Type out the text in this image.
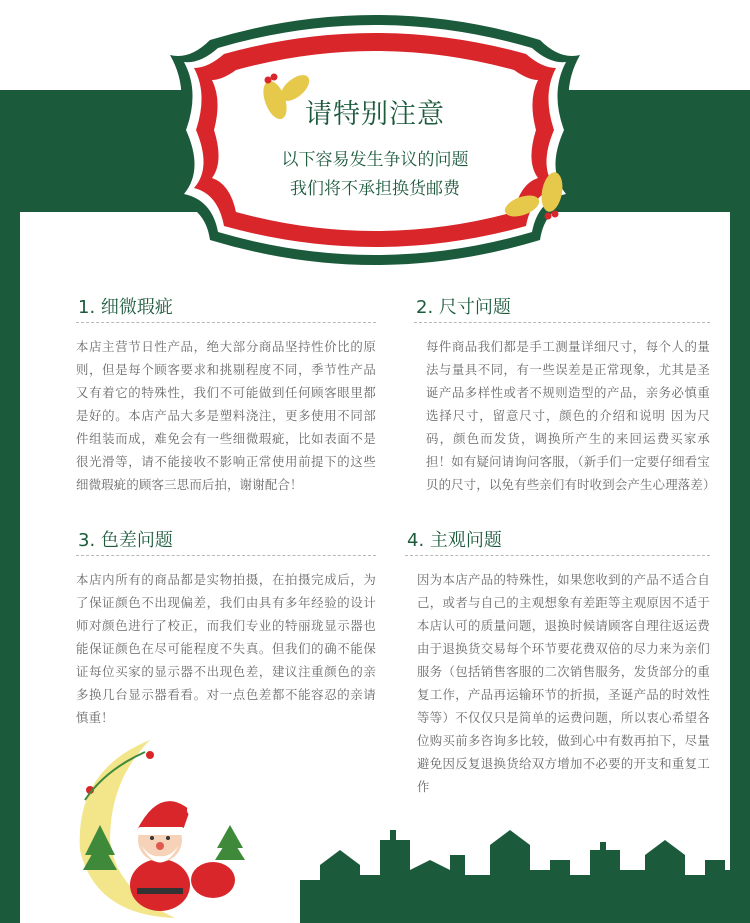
请特别注意
以下容易发生争议的问题
我们将不承担换货邮费
1. 细微瑕疵
本店主营节日性产品，绝大部分商品坚持性价比的原则，但是每个顾客要求和挑剔程度不同，季节性产品又有着它的特殊性，我们不可能做到任何顾客眼里都是好的。本店产品大多是塑料浇注，更多使用不同部件组装而成，难免会有一些细微瑕疵，比如表面不是很光滑等，请不能接收不影响正常使用前提下的这些细微瑕疵的顾客三思而后拍，谢谢配合！
2. 尺寸问题
每件商品我们都是手工测量详细尺寸，每个人的量法与量具不同，有一些误差是正常现象，尤其是圣诞产品多样性或者不规则造型的产品，亲务必慎重选择尺寸，留意尺寸，颜色的介绍和说明 因为尺码，颜色而发货，调换所产生的来回运费买家承担！如有疑问请询问客服，（新手们一定要仔细看宝贝的尺寸，以免有些亲们有时收到会产生心理落差）
3. 色差问题
本店内所有的商品都是实物拍摄，在拍摄完成后，为了保证颜色不出现偏差，我们由具有多年经验的设计师对颜色进行了校正，而我们专业的特丽珑显示器也能保证颜色在尽可能程度不失真。但我们的确不能保证每位买家的显示器不出现色差，建议注重颜色的亲多换几台显示器看看。对一点色差都不能容忍的亲请慎重！
4. 主观问题
因为本店产品的特殊性，如果您收到的产品不适合自己，或者与自己的主观想象有差距等主观原因不适于本店认可的质量问题，退换时候请顾客自理往返运费由于退换货交易每个环节要花费双倍的尽力来为亲们服务（包括销售客服的二次销售服务，发货部分的重复工作，产品再运输环节的折损，圣诞产品的时效性等等）不仅仅只是简单的运费问题，所以衷心希望各位购买前多咨询多比较，做到心中有数再拍下，尽量避免因反复退换货给双方增加不必要的开支和重复工作
